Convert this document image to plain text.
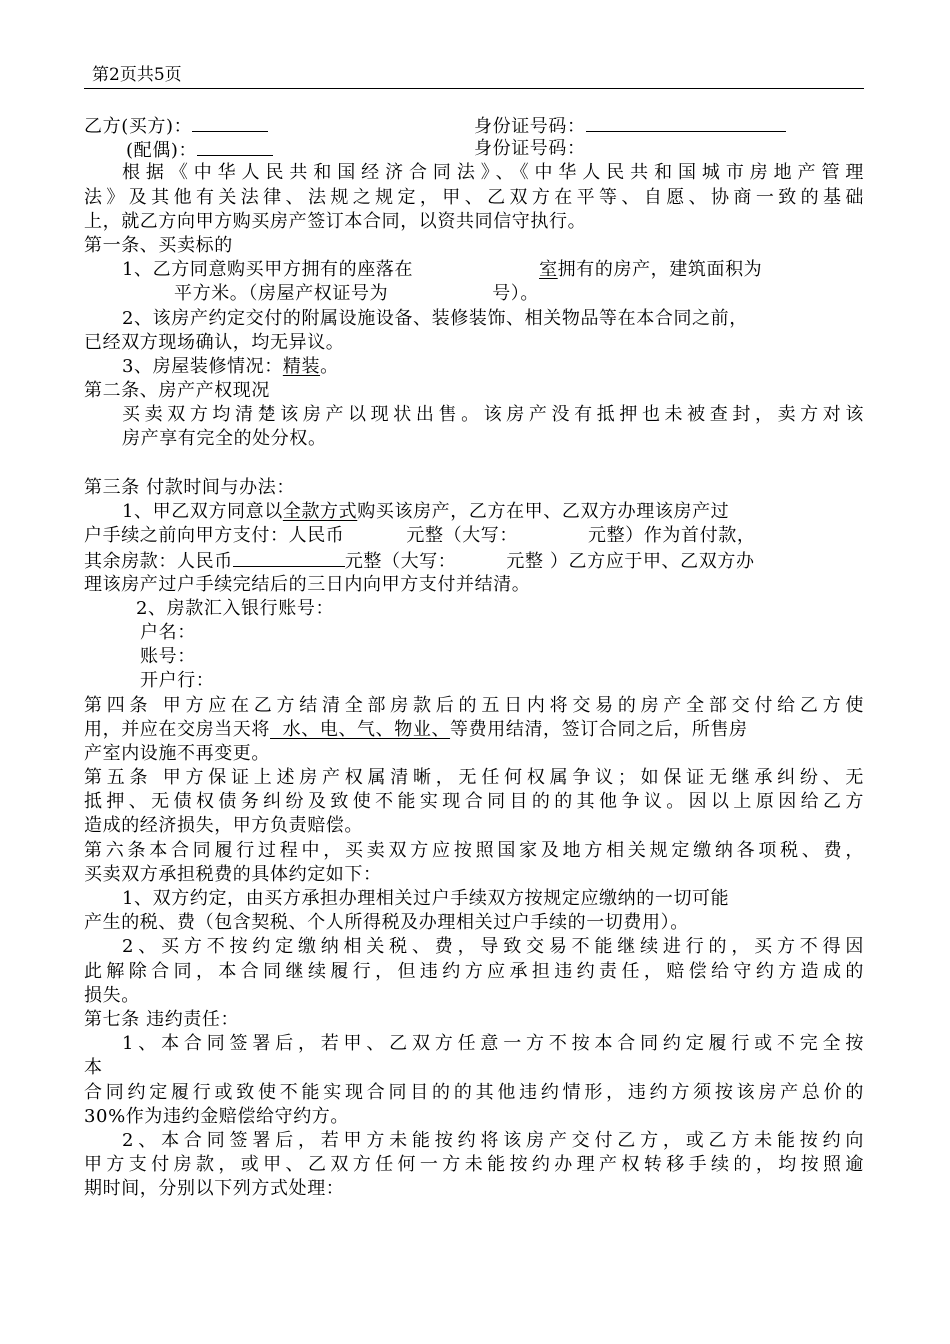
第2页共5页
乙方(买方)：	身份证号码：
(配偶)：	身份证号码：
根据《中华人民共和国经济合同法》、《中华人民共和国城市房地产管理
法》及其他有关法律、法规之规定，甲、乙双方在平等、自愿、协商一致的基础
上，就乙方向甲方购买房产签订本合同，以资共同信守执行。
第一条、买卖标的
1、乙方同意购买甲方拥有的座落在	室拥有的房产，建筑面积为
平方米。（房屋产权证号为	号）。
2、该房产约定交付的附属设施设备、装修装饰、相关物品等在本合同之前，
已经双方现场确认，均无异议。
3、房屋装修情况：精装。
第二条、房产产权现况
买卖双方均清楚该房产以现状出售。该房产没有抵押也未被查封，卖方对该
房产享有完全的处分权。
第三条 付款时间与办法：
1、甲乙双方同意以全款方式购买该房产，乙方在甲、乙双方办理该房产过
户手续之前向甲方支付：人民币	元整（大写：	元整）作为首付款，
其余房款：人民币	元整（大写：	元整 ）乙方应于甲、乙双方办
理该房产过户手续完结后的三日内向甲方支付并结清。
2、房款汇入银行账号：
户名：
账号：
开户行：
第四条 甲方应在乙方结清全部房款后的五日内将交易的房产全部交付给乙方使
用，并应在交房当天将  水、电、气、物业、等费用结清，签订合同之后，所售房
产室内设施不再变更。
第五条 甲方保证上述房产权属清晰，无任何权属争议；如保证无继承纠纷、无
抵押、无债权债务纠纷及致使不能实现合同目的的其他争议。因以上原因给乙方
造成的经济损失，甲方负责赔偿。
第六条本合同履行过程中，买卖双方应按照国家及地方相关规定缴纳各项税、费，
买卖双方承担税费的具体约定如下：
1、双方约定，由买方承担办理相关过户手续双方按规定应缴纳的一切可能
产生的税、费（包含契税、个人所得税及办理相关过户手续的一切费用）。
2、买方不按约定缴纳相关税、费，导致交易不能继续进行的，买方不得因
此解除合同，本合同继续履行，但违约方应承担违约责任，赔偿给守约方造成的
损失。
第七条 违约责任：
1、本合同签署后，若甲、乙双方任意一方不按本合同约定履行或不完全按
本
合同约定履行或致使不能实现合同目的的其他违约情形，违约方须按该房产总价的
30%作为违约金赔偿给守约方。
2、本合同签署后，若甲方未能按约将该房产交付乙方，或乙方未能按约向
甲方支付房款，或甲、乙双方任何一方未能按约办理产权转移手续的，均按照逾
期时间，分别以下列方式处理：
